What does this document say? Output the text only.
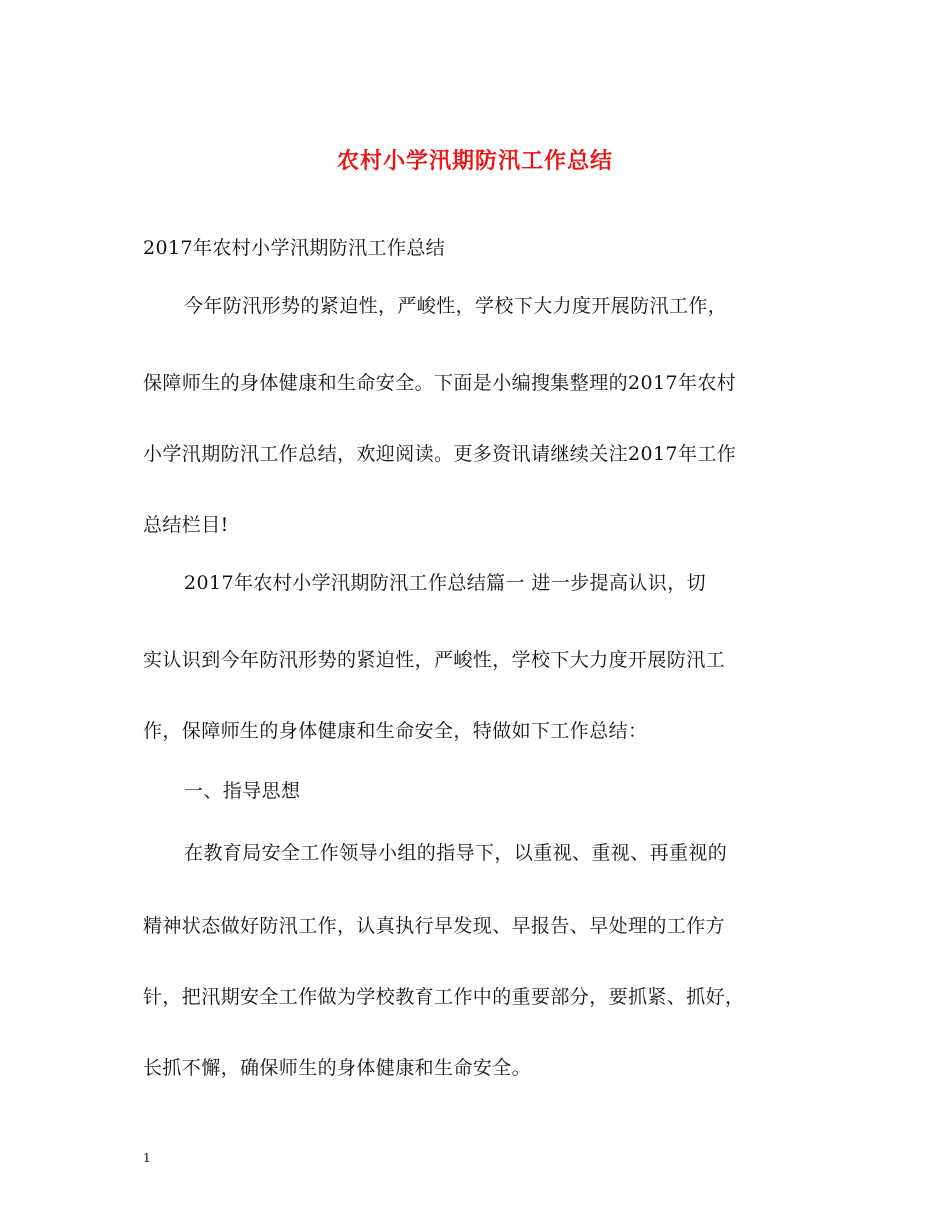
农村小学汛期防汛工作总结
2017年农村小学汛期防汛工作总结
今年防汛形势的紧迫性，严峻性，学校下大力度开展防汛工作，
保障师生的身体健康和生命安全。下面是小编搜集整理的2017年农村
小学汛期防汛工作总结，欢迎阅读。更多资讯请继续关注2017年工作
总结栏目!
2017年农村小学汛期防汛工作总结篇一 进一步提高认识，切
实认识到今年防汛形势的紧迫性，严峻性，学校下大力度开展防汛工
作，保障师生的身体健康和生命安全，特做如下工作总结：
一、指导思想
在教育局安全工作领导小组的指导下，以重视、重视、再重视的
精神状态做好防汛工作，认真执行早发现、早报告、早处理的工作方
针，把汛期安全工作做为学校教育工作中的重要部分，要抓紧、抓好，
长抓不懈，确保师生的身体健康和生命安全。
1
